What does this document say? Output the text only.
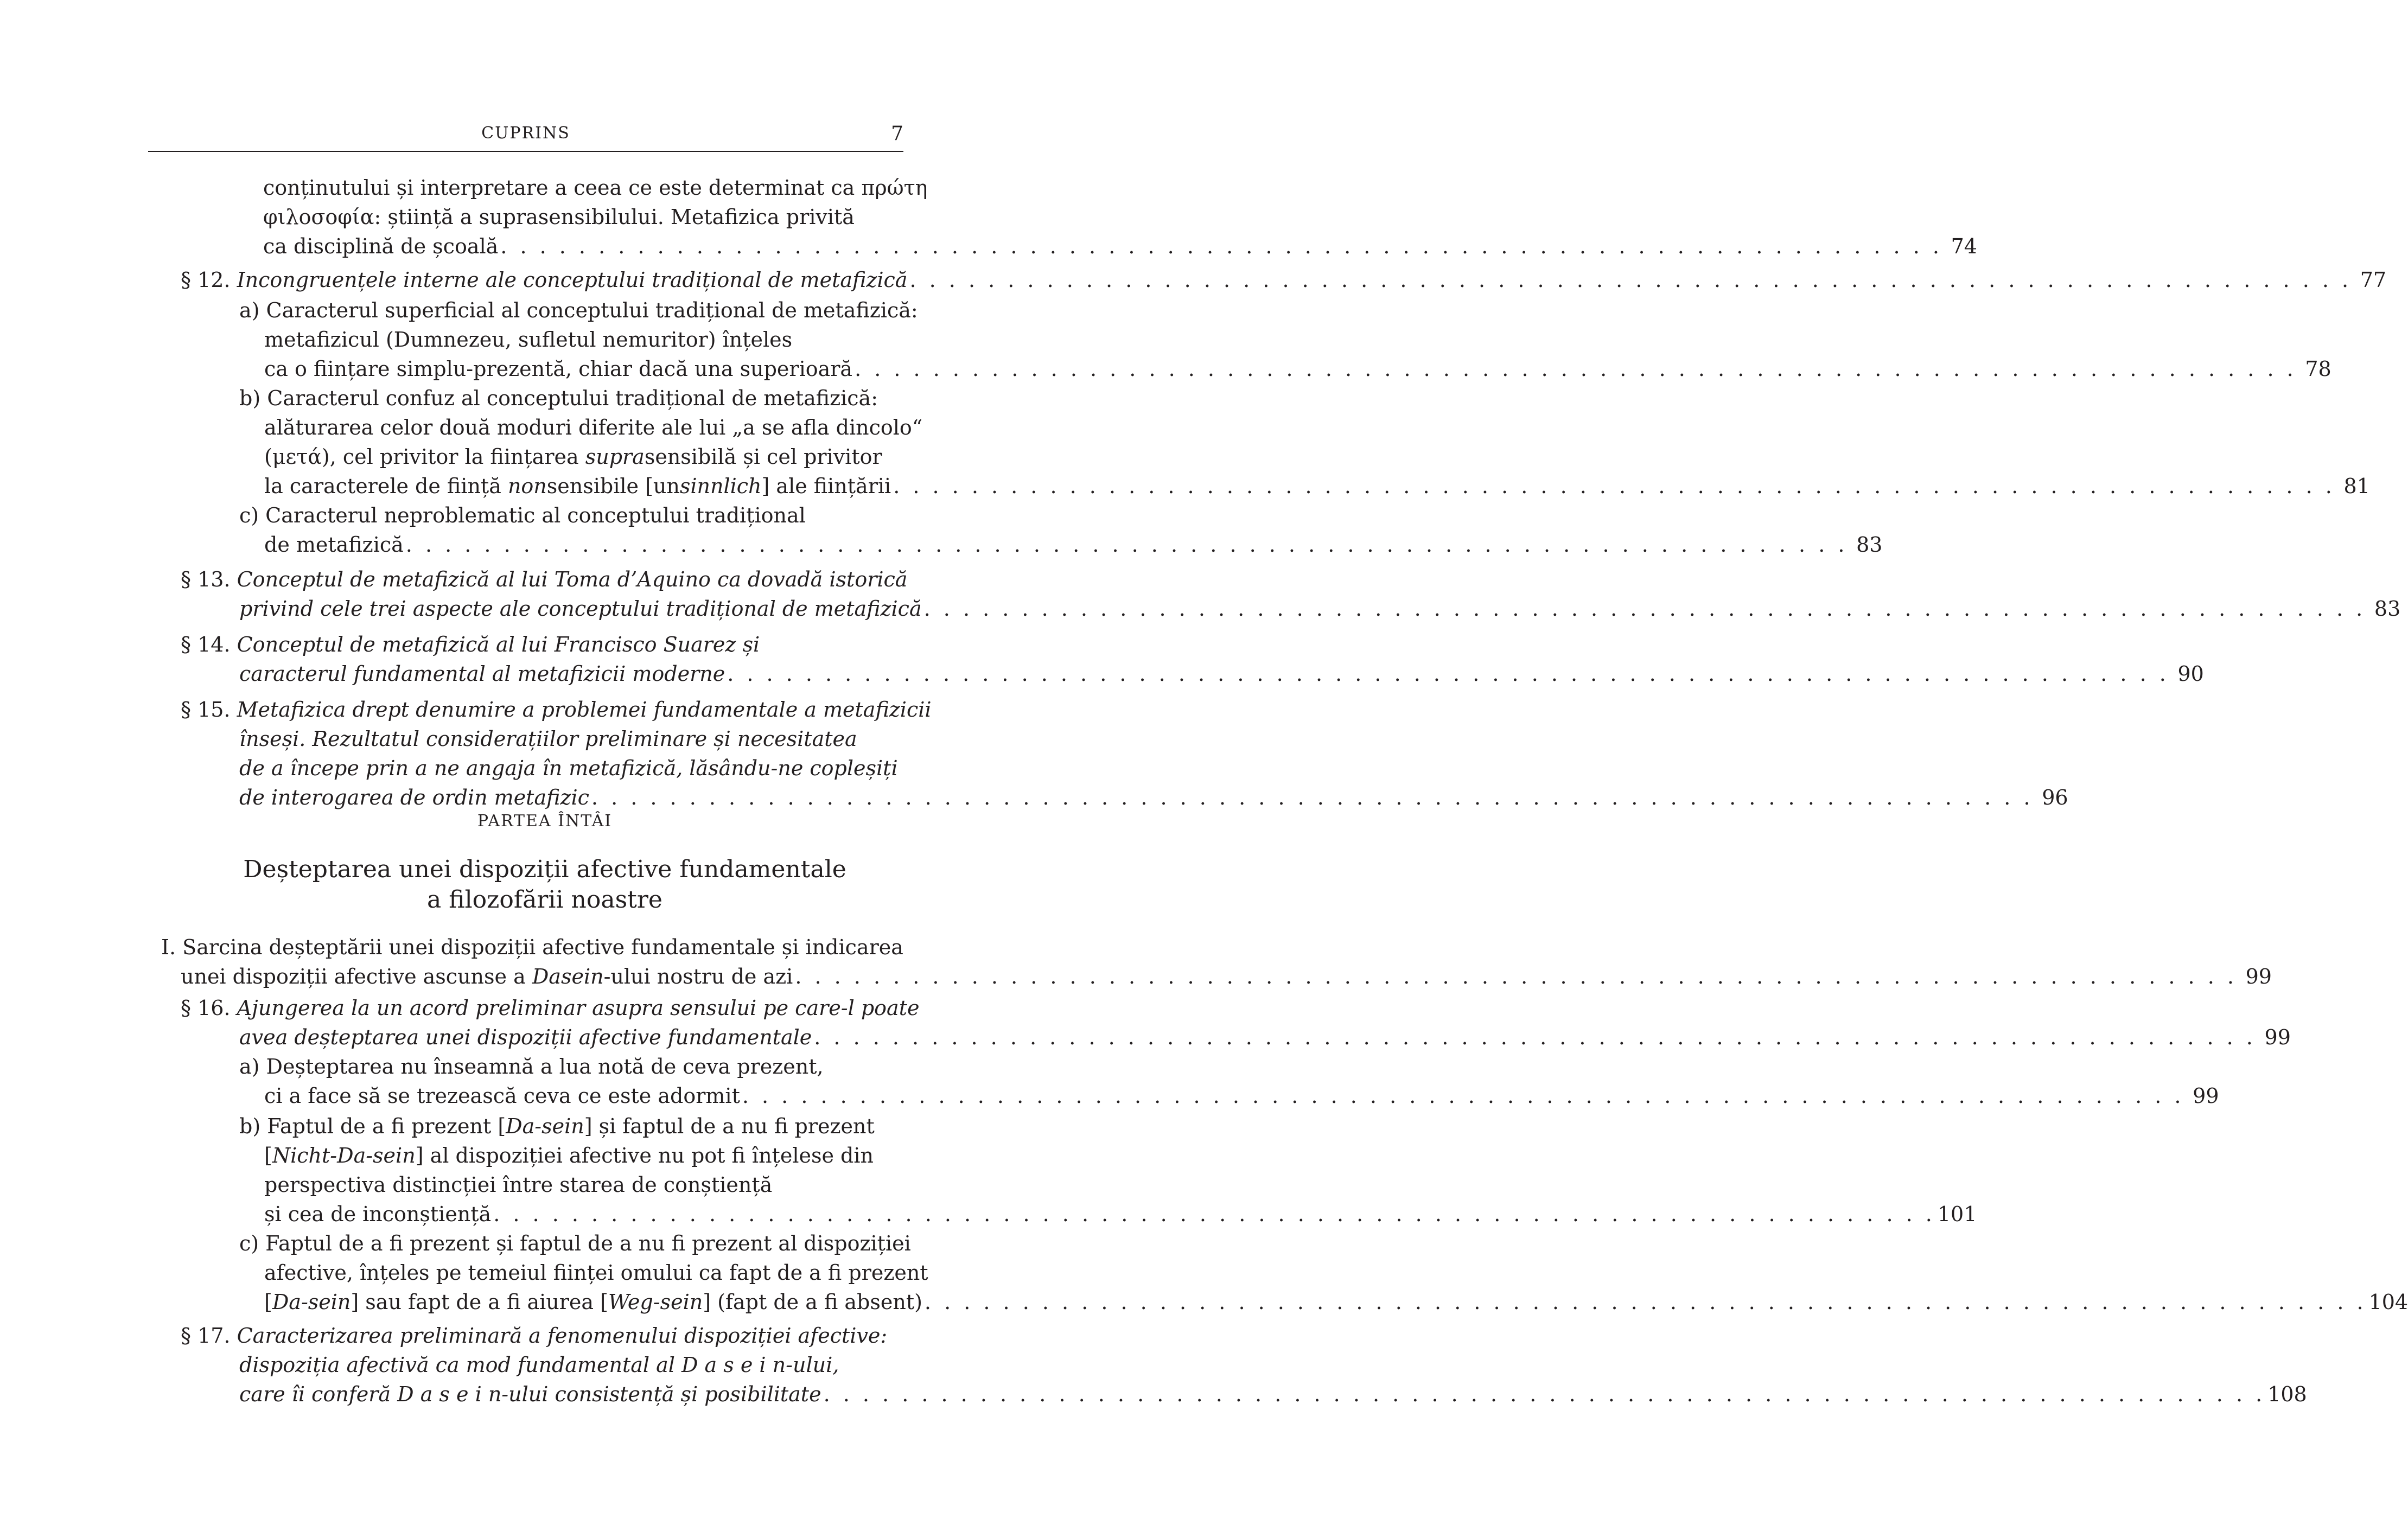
CUPRINS	7
conținutului și interpretare a ceea ce este determinat ca πρώτη
φιλοσοφία: știință a suprasensibilului. Metafizica privită
ca disciplină de școală . . .	74
§ 12. Incongruențele interne ale conceptului tradițional de metafizică . . .	77
a) Caracterul superficial al conceptului tradițional de metafizică:
metafizicul (Dumnezeu, sufletul nemuritor) înțeles
ca o ființare simplu-prezentă, chiar dacă una superioară . . .	78
b) Caracterul confuz al conceptului tradițional de metafizică:
alăturarea celor două moduri diferite ale lui „a se afla dincolo“
(μετά), cel privitor la ființarea suprasensibilă și cel privitor
la caracterele de ființă nonsensibile [unsinnlich] ale ființării . . .	81
c) Caracterul neproblematic al conceptului tradițional
de metafizică . . .	83
§ 13. Conceptul de metafizică al lui Toma d’Aquino ca dovadă istorică
privind cele trei aspecte ale conceptului tradițional de metafizică . . .	83
§ 14. Conceptul de metafizică al lui Francisco Suarez și
caracterul fundamental al metafizicii moderne . . .	90
§ 15. Metafizica drept denumire a problemei fundamentale a metafizicii
înseși. Rezultatul considerațiilor preliminare și necesitatea
de a începe prin a ne angaja în metafizică, lăsându-ne copleșiți
de interogarea de ordin metafizic . . .	96
PARTEA ÎNTÂI
Deșteptarea unei dispoziții afective fundamentale
a filozofării noastre
I. Sarcina deșteptării unei dispoziții afective fundamentale și indicarea
unei dispoziții afective ascunse a Dasein-ului nostru de azi . . .	99
§ 16. Ajungerea la un acord preliminar asupra sensului pe care-l poate
avea deșteptarea unei dispoziții afective fundamentale . . .	99
a) Deșteptarea nu înseamnă a lua notă de ceva prezent,
ci a face să se trezească ceva ce este adormit . . .	99
b) Faptul de a fi prezent [Da-sein] și faptul de a nu fi prezent
[Nicht-Da-sein] al dispoziției afective nu pot fi înțelese din
perspectiva distincției între starea de conștiență
și cea de inconștiență . . .	101
c) Faptul de a fi prezent și faptul de a nu fi prezent al dispoziției
afective, înțeles pe temeiul ființei omului ca fapt de a fi prezent
[Da-sein] sau fapt de a fi aiurea [Weg-sein] (fapt de a fi absent) . . .	104
§ 17. Caracterizarea preliminară a fenomenului dispoziției afective:
dispoziția afectivă ca mod fundamental al D a s e i n-ului,
care îi conferă D a s e i n-ului consistență și posibilitate . . .	108
